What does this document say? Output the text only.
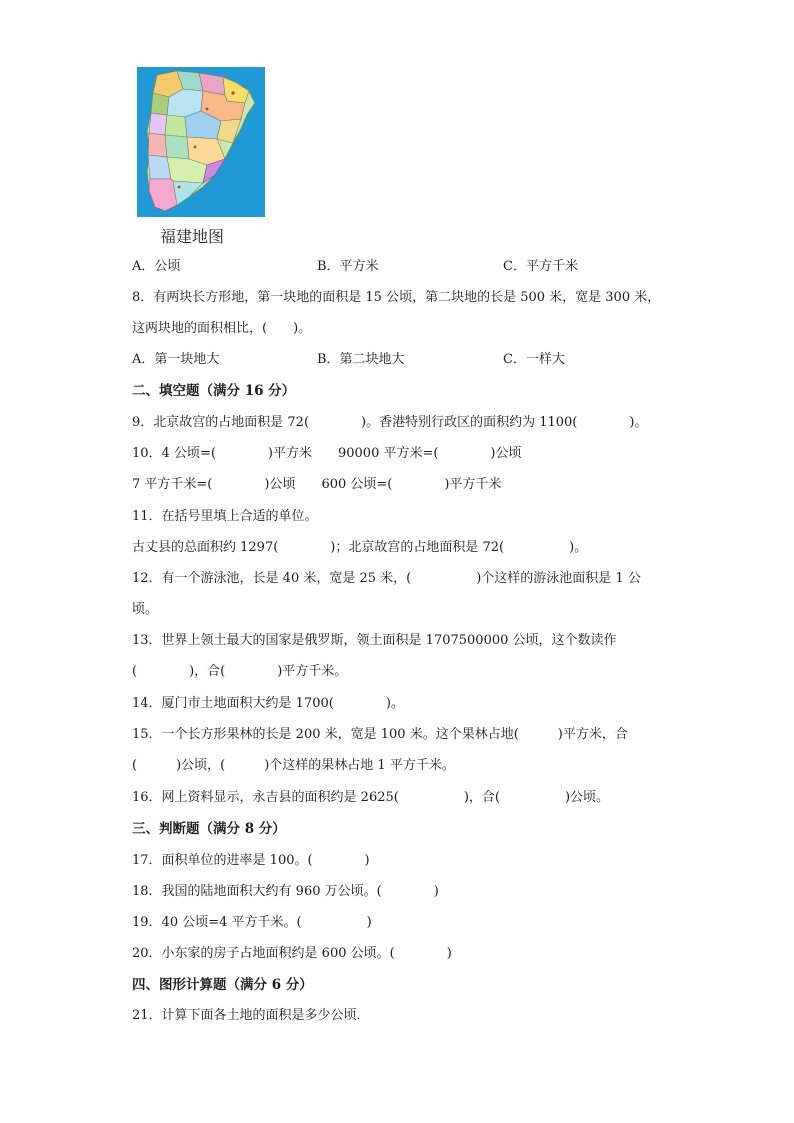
福建地图
A．公顷	B．平方米	C．平方千米
8．有两块长方形地，第一块地的面积是 15 公顷，第二块地的长是 500 米，宽是 300 米，
这两块地的面积相比，(　　)。
A．第一块地大	B．第二块地大	C．一样大
二、填空题（满分 16 分）
9．北京故宫的占地面积是 72(　　　　)。香港特别行政区的面积约为 1100(　　　　)。
10．4 公顷=(　　　　)平方米　　90000 平方米=(　　　　)公顷
7 平方千米=(　　　　)公顷　　600 公顷=(　　　　)平方千米
11．在括号里填上合适的单位。
古丈县的总面积约 1297(　　　　)；北京故宫的占地面积是 72(　　　　　)。
12．有一个游泳池，长是 40 米，宽是 25 米，(　　　　　)个这样的游泳池面积是 1 公
顷。
13．世界上领土最大的国家是俄罗斯，领土面积是 1707500000 公顷，这个数读作
(　　　　)，合(　　　　)平方千米。
14．厦门市土地面积大约是 1700(　　　　)。
15．一个长方形果林的长是 200 米，宽是 100 米。这个果林占地(　　　)平方米，合
(　　　)公顷，(　　　)个这样的果林占地 1 平方千米。
16．网上资料显示，永吉县的面积约是 2625(　　　　　)，合(　　　　　)公顷。
三、判断题（满分 8 分）
17．面积单位的进率是 100。(　　　　)
18．我国的陆地面积大约有 960 万公顷。(　　　　)
19．40 公顷=4 平方千米。(　　　　　)
20．小东家的房子占地面积约是 600 公顷。(　　　　)
四、图形计算题（满分 6 分）
21．计算下面各土地的面积是多少公顷．
